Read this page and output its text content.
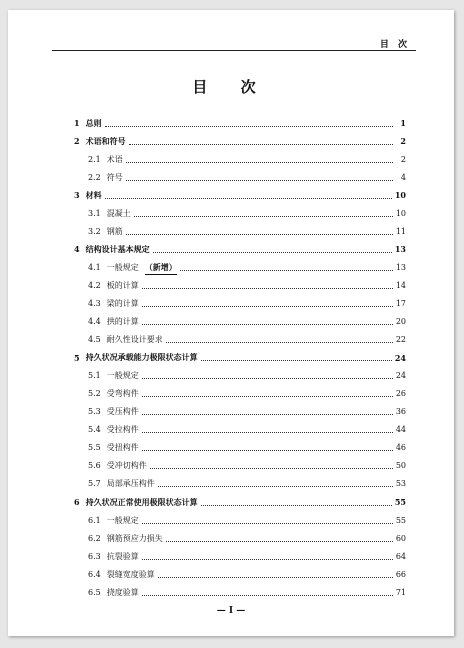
目 次
目 次
1 总则	1
2 术语和符号	2
2.1 术语	2
2.2 符号	4
3 材料	10
3.1 混凝土	10
3.2 钢筋	11
4 结构设计基本规定	13
4.1 一般规定 （新增）	13
4.2 板的计算	14
4.3 梁的计算	17
4.4 拱的计算	20
4.5 耐久性设计要求	22
5 持久状况承载能力极限状态计算	24
5.1 一般规定	24
5.2 受弯构件	26
5.3 受压构件	36
5.4 受拉构件	44
5.5 受扭构件	46
5.6 受冲切构件	50
5.7 局部承压构件	53
6 持久状况正常使用极限状态计算	55
6.1 一般规定	55
6.2 钢筋预应力损失	60
6.3 抗裂验算	64
6.4 裂缝宽度验算	66
6.5 挠度验算	71
— I —
